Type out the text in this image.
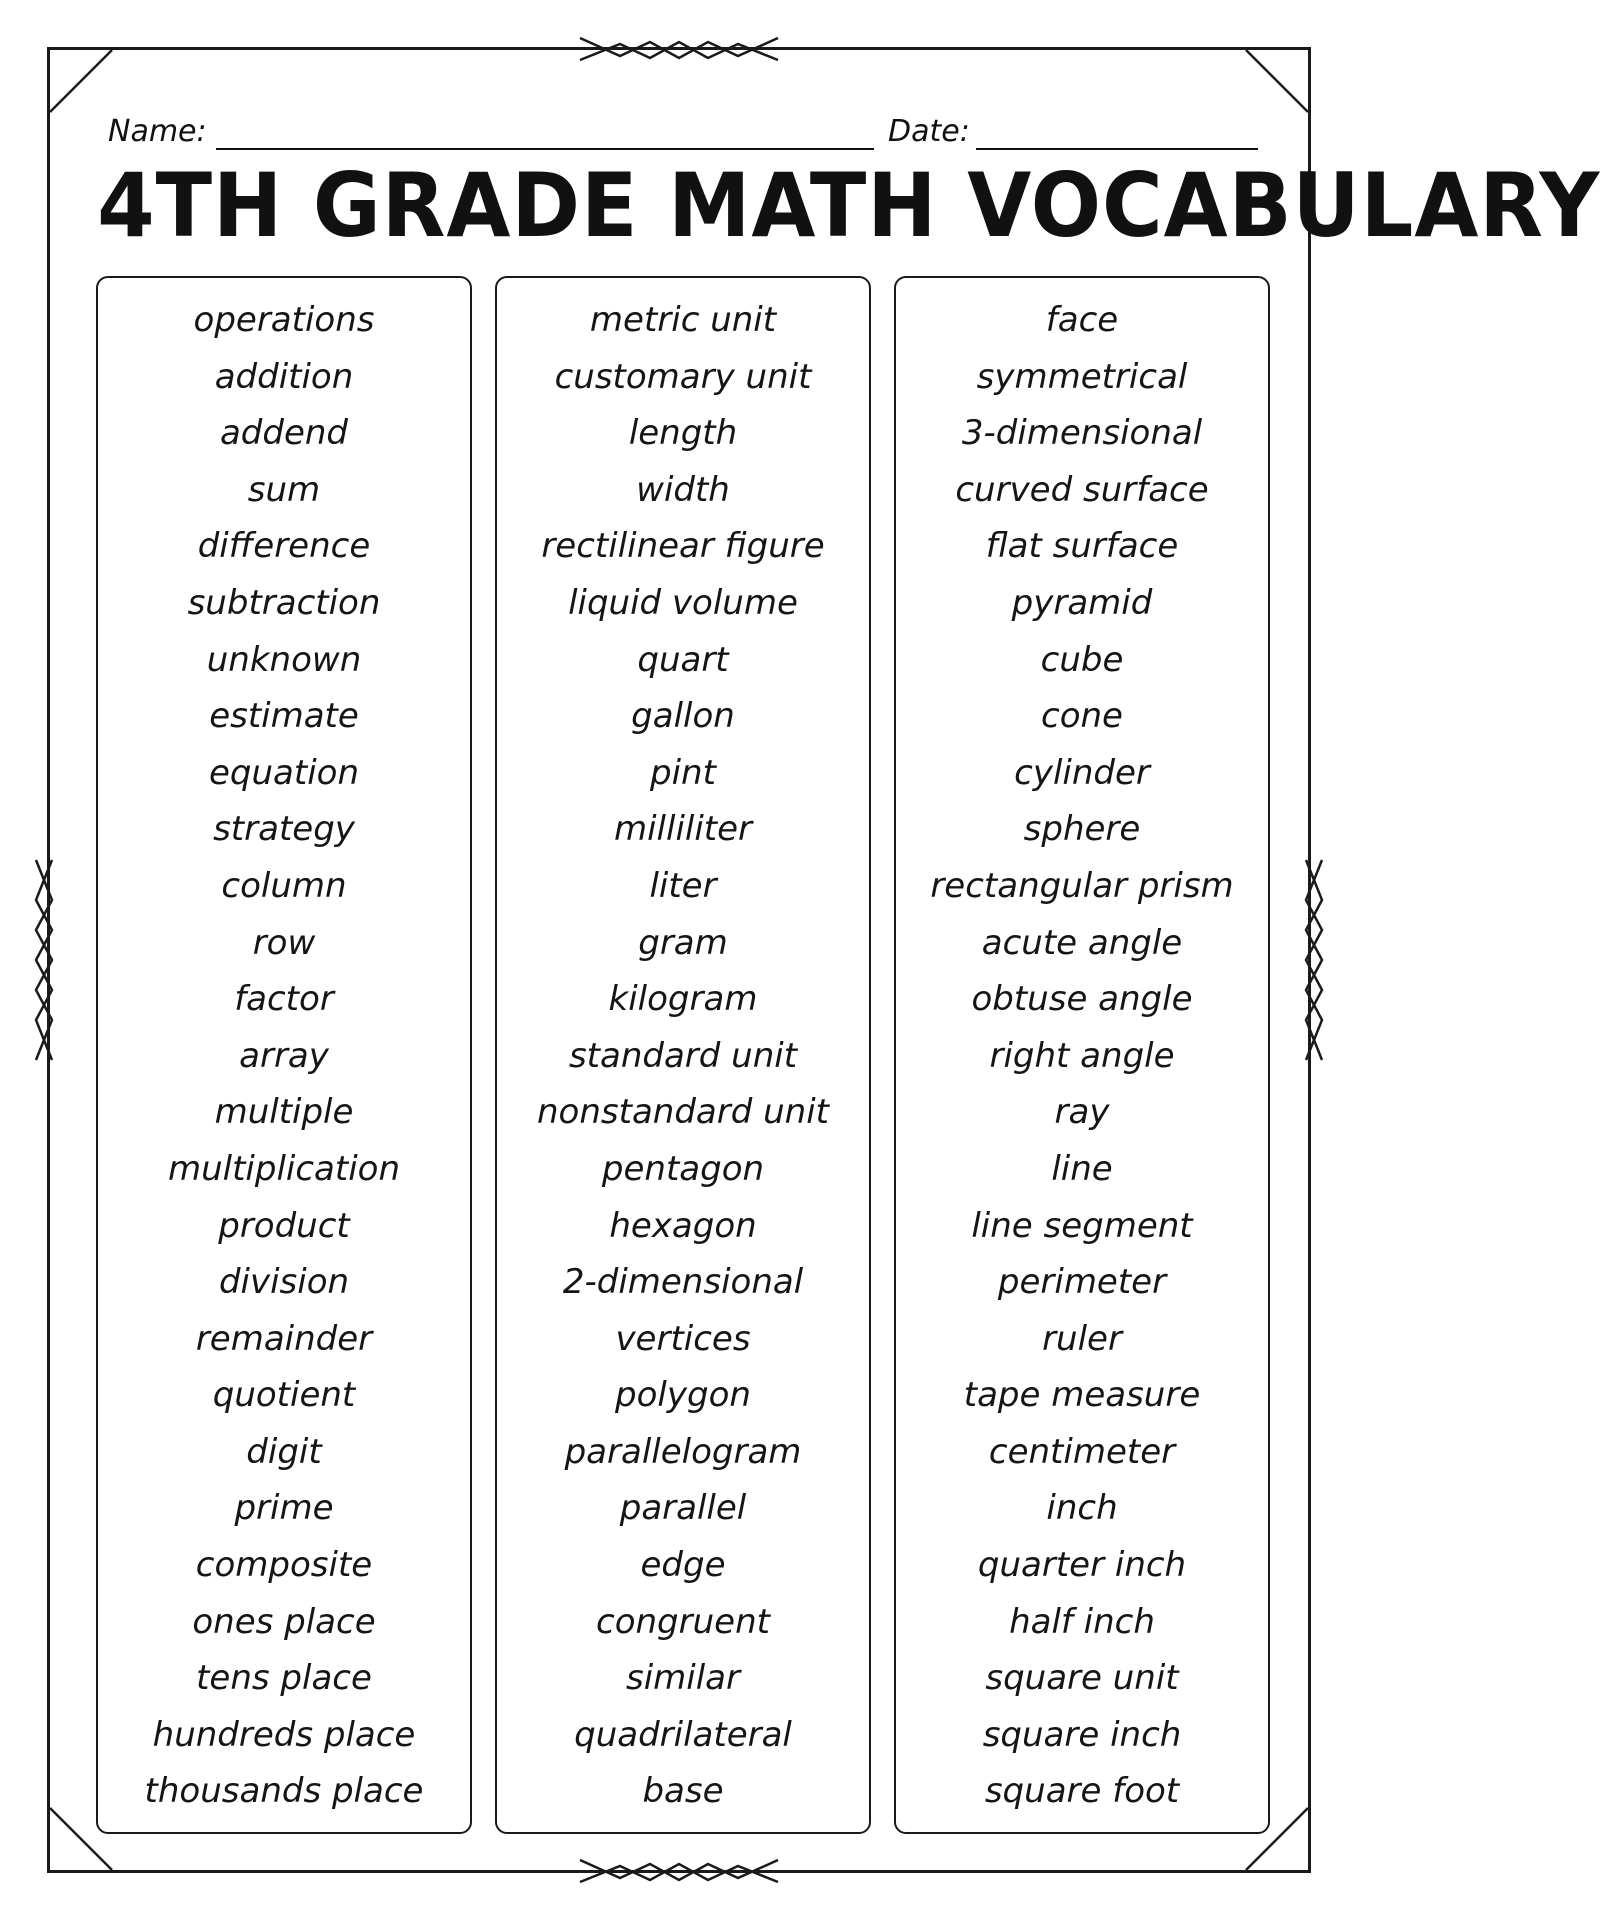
Name:	Date:
4TH GRADE MATH VOCABULARY
operations
addition
addend
sum
difference
subtraction
unknown
estimate
equation
strategy
column
row
factor
array
multiple
multiplication
product
division
remainder
quotient
digit
prime
composite
ones place
tens place
hundreds place
thousands place
metric unit
customary unit
length
width
rectilinear figure
liquid volume
quart
gallon
pint
milliliter
liter
gram
kilogram
standard unit
nonstandard unit
pentagon
hexagon
2-dimensional
vertices
polygon
parallelogram
parallel
edge
congruent
similar
quadrilateral
base
face
symmetrical
3-dimensional
curved surface
flat surface
pyramid
cube
cone
cylinder
sphere
rectangular prism
acute angle
obtuse angle
right angle
ray
line
line segment
perimeter
ruler
tape measure
centimeter
inch
quarter inch
half inch
square unit
square inch
square foot
